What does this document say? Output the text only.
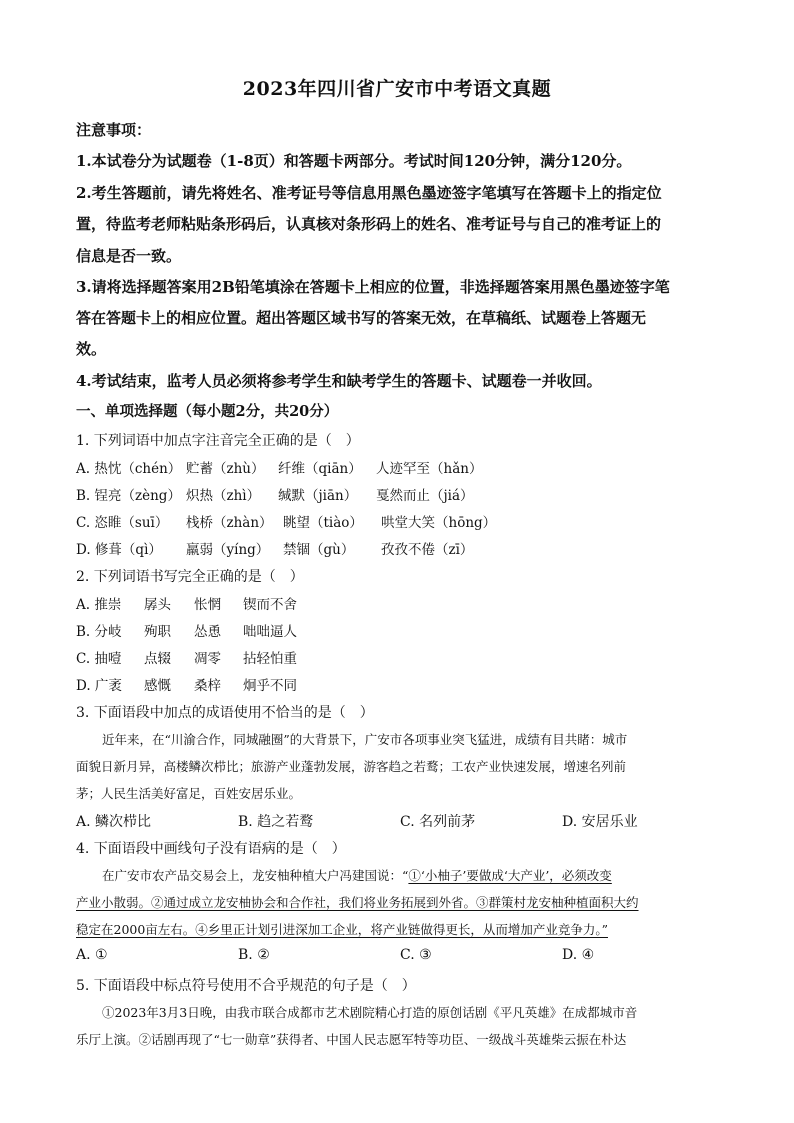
2023年四川省广安市中考语文真题
注意事项：
1.本试卷分为试题卷（1-8页）和答题卡两部分。考试时间120分钟，满分120分。
2.考生答题前，请先将姓名、准考证号等信息用黑色墨迹签字笔填写在答题卡上的指定位
置，待监考老师粘贴条形码后，认真核对条形码上的姓名、准考证号与自己的准考证上的
信息是否一致。
3.请将选择题答案用2B铅笔填涂在答题卡上相应的位置，非选择题答案用黑色墨迹签字笔
答在答题卡上的相应位置。超出答题区域书写的答案无效，在草稿纸、试题卷上答题无
效。
4.考试结束，监考人员必须将参考学生和缺考学生的答题卡、试题卷一并收回。
一、单项选择题（每小题2分，共20分）
1. 下列词语中加点字注音完全正确的是（　）
A. 热忱（chén） 贮蓄（zhù） 纤维（qiān） 人迹罕至（hǎn）
B. 锃亮（zèng） 炽热（zhì） 缄默（jiān） 戛然而止（jiá）
C. 恣睢（suī） 栈桥（zhàn） 眺望（tiào） 哄堂大笑（hōng）
D. 修葺（qì） 羸弱（yíng） 禁锢（gù） 孜孜不倦（zī）
2. 下列词语书写完全正确的是（　）
A. 推崇 孱头 怅惘 锲而不舍
B. 分岐 殉职 怂恿 咄咄逼人
C. 抽噎 点辍 凋零 拈轻怕重
D. 广袤 感慨 桑梓 炯乎不同
3. 下面语段中加点的成语使用不恰当的是（　）
近年来，在“川渝合作，同城融圈”的大背景下，广安市各项事业突飞猛进，成绩有目共睹：城市
面貌日新月异，高楼鳞次栉比；旅游产业蓬勃发展，游客趋之若鹜；工农产业快速发展，增速名列前
茅；人民生活美好富足，百姓安居乐业。
A. 鳞次栉比	B. 趋之若鹜	C. 名列前茅	D. 安居乐业
4. 下面语段中画线句子没有语病的是（　）
在广安市农产品交易会上，龙安柚种植大户冯建国说：“①‘小柚子’要做成‘大产业’，必须改变
产业小散弱。②通过成立龙安柚协会和合作社，我们将业务拓展到外省。③群策村龙安柚种植面积大约
稳定在2000亩左右。④乡里正计划引进深加工企业，将产业链做得更长，从而增加产业竞争力。”
A. ①	B. ②	C. ③	D. ④
5. 下面语段中标点符号使用不合乎规范的句子是（　）
①2023年3月3日晚，由我市联合成都市艺术剧院精心打造的原创话剧《平凡英雄》在成都城市音
乐厅上演。②话剧再现了“七一勋章”获得者、中国人民志愿军特等功臣、一级战斗英雄柴云振在朴达
